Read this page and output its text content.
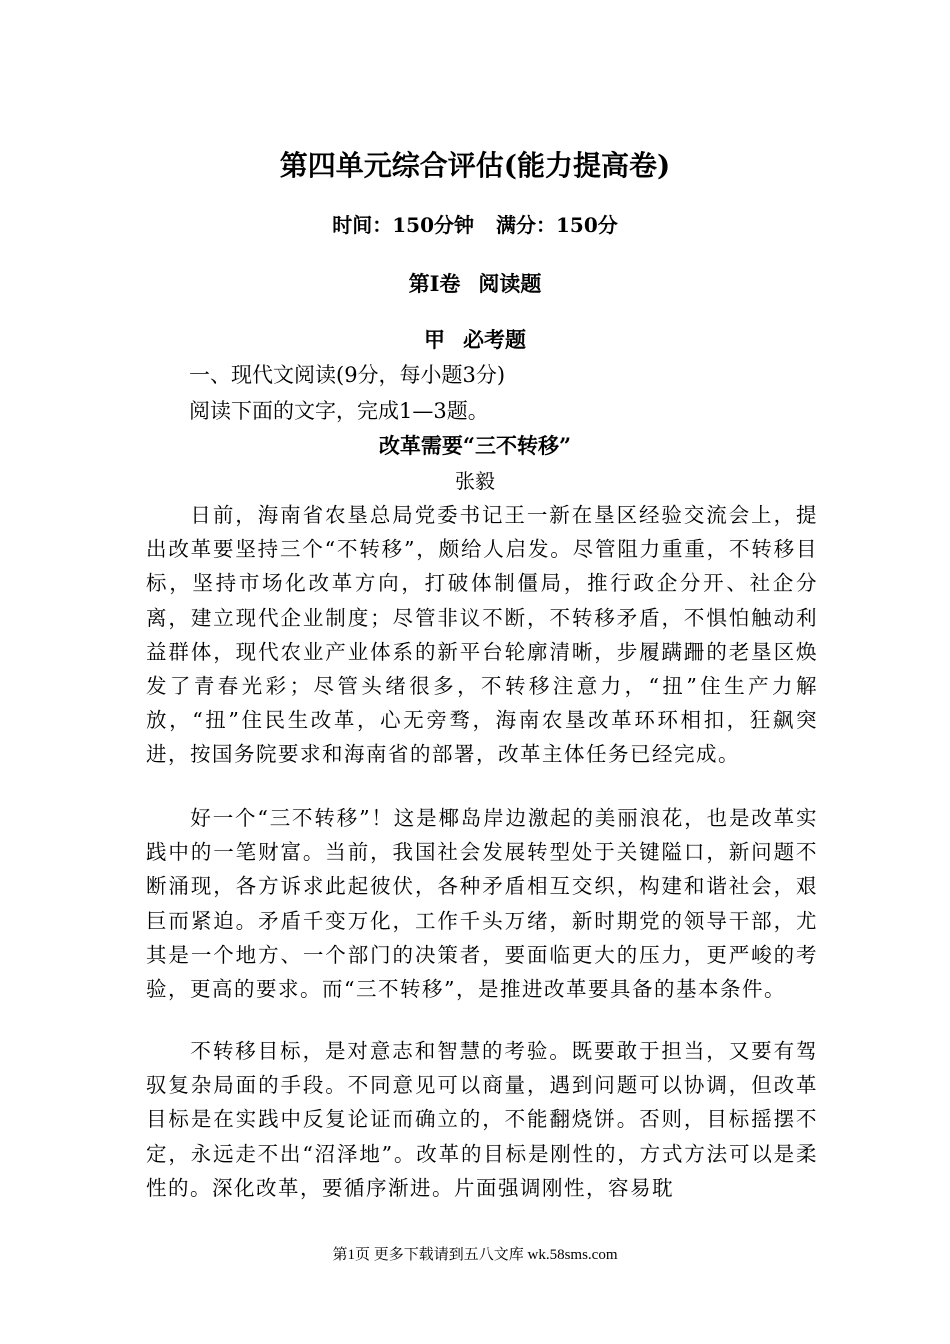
第四单元综合评估(能力提高卷)
时间：150分钟 满分：150分
第Ⅰ卷 阅读题
甲 必考题
一、现代文阅读(9分，每小题3分)
阅读下面的文字，完成1—3题。
改革需要“三不转移”
张毅

日前，海南省农垦总局党委书记王一新在垦区经验交流会上，提出改革要坚持三个“不转移”，颇给人启发。尽管阻力重重，不转移目标，坚持市场化改革方向，打破体制僵局，推行政企分开、社企分离，建立现代企业制度；尽管非议不断，不转移矛盾，不惧怕触动利益群体，现代农业产业体系的新平台轮廓清晰，步履蹒跚的老垦区焕发了青春光彩；尽管头绪很多，不转移注意力，“扭”住生产力解放，“扭”住民生改革，心无旁骛，海南农垦改革环环相扣，狂飙突进，按国务院要求和海南省的部署，改革主体任务已经完成。

好一个“三不转移”！这是椰岛岸边激起的美丽浪花，也是改革实践中的一笔财富。当前，我国社会发展转型处于关键隘口，新问题不断涌现，各方诉求此起彼伏，各种矛盾相互交织，构建和谐社会，艰巨而紧迫。矛盾千变万化，工作千头万绪，新时期党的领导干部，尤其是一个地方、一个部门的决策者，要面临更大的压力，更严峻的考验，更高的要求。而“三不转移”，是推进改革要具备的基本条件。

不转移目标，是对意志和智慧的考验。既要敢于担当，又要有驾驭复杂局面的手段。不同意见可以商量，遇到问题可以协调，但改革目标是在实践中反复论证而确立的，不能翻烧饼。否则，目标摇摆不定，永远走不出“沼泽地”。改革的目标是刚性的，方式方法可以是柔性的。深化改革，要循序渐进。片面强调刚性，容易耽

第1页 更多下载请到五八文库 wk.58sms.com
